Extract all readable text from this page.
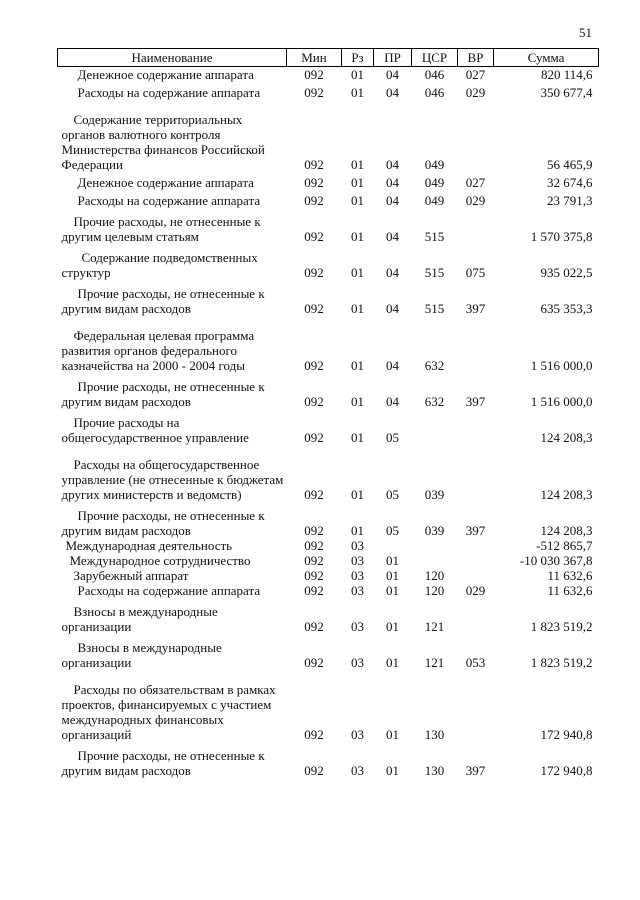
51
Наименование	Мин	Рз	ПР	ЦСР	ВР	Сумма
Денежное содержание аппарата	092	01	04	046	027	820 114,6
Расходы на содержание аппарата	092	01	04	046	029	350 677,4
Содержание территориальных органов валютного контроля Министерства финансов Российской Федерации	092	01	04	049		56 465,9
Денежное содержание аппарата	092	01	04	049	027	32 674,6
Расходы на содержание аппарата	092	01	04	049	029	23 791,3
Прочие расходы, не отнесенные к другим целевым статьям	092	01	04	515		1 570 375,8
Содержание подведомственных структур	092	01	04	515	075	935 022,5
Прочие расходы, не отнесенные к другим видам расходов	092	01	04	515	397	635 353,3
Федеральная целевая программа развития органов федерального казначейства на 2000 - 2004 годы	092	01	04	632		1 516 000,0
Прочие расходы, не отнесенные к другим видам расходов	092	01	04	632	397	1 516 000,0
Прочие расходы на общегосударственное управление	092	01	05			124 208,3
Расходы на общегосударственное управление (не отнесенные к бюджетам других министерств и ведомств)	092	01	05	039		124 208,3
Прочие расходы, не отнесенные к другим видам расходов	092	01	05	039	397	124 208,3
Международная деятельность	092	03				-512 865,7
Международное сотрудничество	092	03	01			-10 030 367,8
Зарубежный аппарат	092	03	01	120		11 632,6
Расходы на содержание аппарата	092	03	01	120	029	11 632,6
Взносы в международные организации	092	03	01	121		1 823 519,2
Взносы в международные организации	092	03	01	121	053	1 823 519,2
Расходы по обязательствам в рамках проектов, финансируемых с участием международных финансовых организаций	092	03	01	130		172 940,8
Прочие расходы, не отнесенные к другим видам расходов	092	03	01	130	397	172 940,8
